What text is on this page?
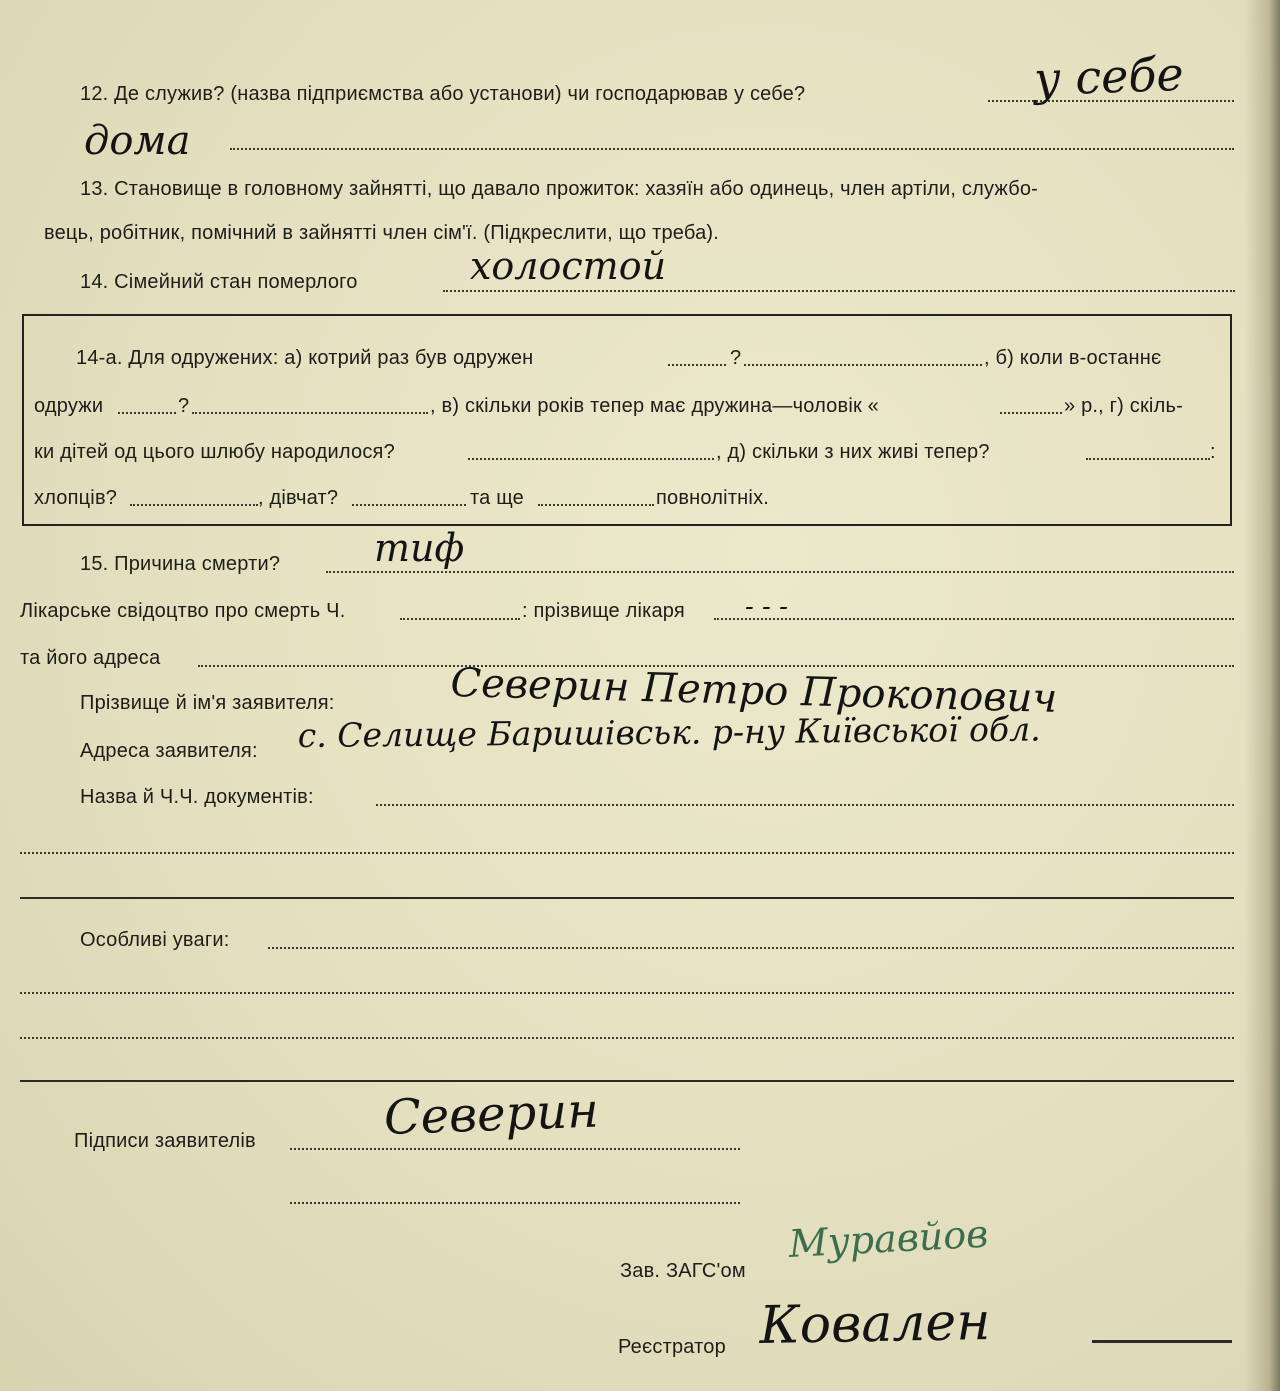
12. Де служив? (назва підприємства або установи) чи господарював у себе?	у себе
дома
13. Становище в головному зайнятті, що давало прожиток: хазяїн або одинець, член артіли, службо-
вець, робітник, помічний в зайнятті член сім'ї. (Підкреслити, що треба).
14. Сімейний стан померлого	холостой
14-а. Для одружених: а) котрий раз був одружен	?	, б) коли в-останнє
одружи	?	, в) скільки років тепер має дружина—чоловік «	» р., г) скіль-
ки дітей од цього шлюбу народилося?	, д) скільки з них живі тепер?	:
хлопців?	, дівчат?	та ще	повнолітніх.
15. Причина смерти? тиф
Лікарське свідоцтво про смерть Ч.	: прізвище лікаря - - -
та його адреса
Прізвище й ім'я заявителя:	Северин Петро Прокопович
Адреса заявителя: с. Селище Баришівськ. р-ну Київської обл.
Назва й Ч.Ч. документів:
Особливі уваги:
Підписи заявителів	Северин
Зав. ЗАГС'ом
Муравйов
Реєстратор Ковален
